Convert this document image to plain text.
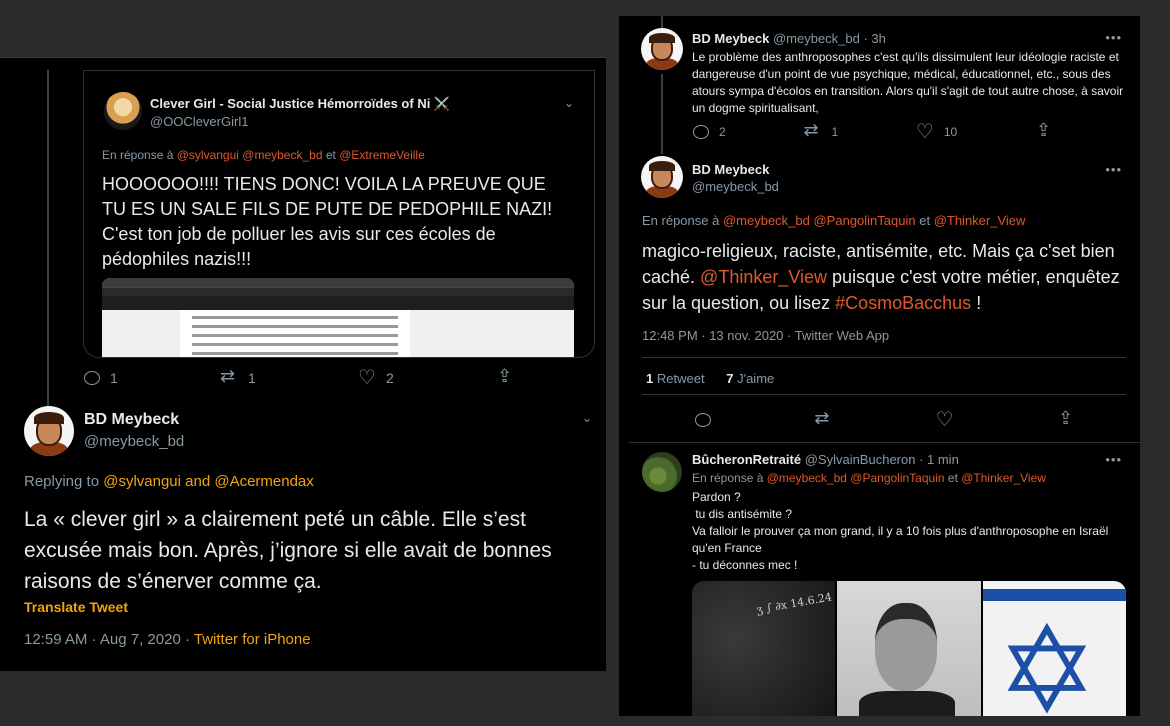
Clever Girl - Social Justice Hémorroïdes of Ni ⚔️
@OOCleverGirl1
⌄
En réponse à @sylvangui @meybeck_bd et @ExtremeVeille
HOOOOOO!!!! TIENS DONC! VOILA LA PREUVE QUE TU ES UN SALE FILS DE PUTE DE PEDOPHILE NAZI! C'est ton job de polluer les avis sur ces écoles de pédophiles nazis!!!
1 ⇄	1 ♡	2
⇪
BD Meybeck
@meybeck_bd
⌄
Replying to @sylvangui and @Acermendax
La « clever girl » a clairement peté un câble. Elle s’est excusée mais bon. Après, j’ignore si elle avait de bonnes raisons de s’énerver comme ça.
Translate Tweet
12:59 AM · Aug 7, 2020 · Twitter for iPhone
BD Meybeck @meybeck_bd · 3h	•••
Le problème des anthroposophes c'est qu'ils dissimulent leur idéologie raciste et dangereuse d'un point de vue psychique, médical, éducationnel, etc., sous des atours sympa d'écolos en transition. Alors qu'il s'agit de tout autre chose, à savoir un dogme spiritualisant,
2 ⇄	1 ♡	10
⇪
BD Meybeck
@meybeck_bd
•••
En réponse à @meybeck_bd @PangolinTaquin et @Thinker_View
magico-religieux, raciste, antisémite, etc. Mais ça c'set bien caché. @Thinker_View puisque c'est votre métier, enquêtez sur la question, ou lisez #CosmoBacchus !
12:48 PM · 13 nov. 2020 · Twitter Web App
1 Retweet 7 J'aime
⇄
♡
⇪
BûcheronRetraité @SylvainBucheron · 1 min	•••
En réponse à @meybeck_bd @PangolinTaquin et @Thinker_View
Pardon ?
tu dis antisémite ?
Va falloir le prouver ça mon grand, il y a 10 fois plus d'anthroposophe en Israël qu'en France
- tu déconnes mec !
ʒ ∫ ∂x 14.6.24
✡
